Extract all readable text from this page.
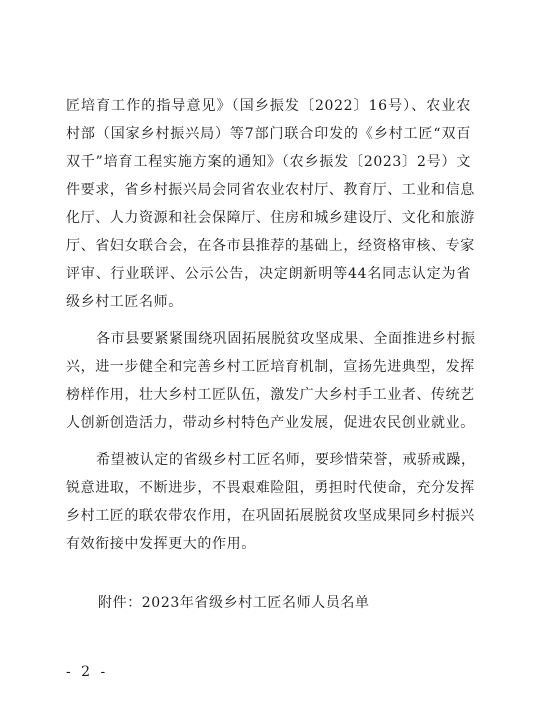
匠培育工作的指导意见》（国乡振发〔2022〕16号）、农业农
村部（国家乡村振兴局）等7部门联合印发的《乡村工匠“双百
双千”培育工程实施方案的通知》（农乡振发〔2023〕2号）文
件要求，省乡村振兴局会同省农业农村厅、教育厅、工业和信息
化厅、人力资源和社会保障厅、住房和城乡建设厅、文化和旅游
厅、省妇女联合会，在各市县推荐的基础上，经资格审核、专家
评审、行业联评、公示公告，决定朗新明等44名同志认定为省
级乡村工匠名师。

各市县要紧紧围绕巩固拓展脱贫攻坚成果、全面推进乡村振
兴，进一步健全和完善乡村工匠培育机制，宣扬先进典型，发挥
榜样作用，壮大乡村工匠队伍，激发广大乡村手工业者、传统艺
人创新创造活力，带动乡村特色产业发展，促进农民创业就业。

希望被认定的省级乡村工匠名师，要珍惜荣誉，戒骄戒躁，
锐意进取，不断进步，不畏艰难险阻，勇担时代使命，充分发挥
乡村工匠的联农带农作用，在巩固拓展脱贫攻坚成果同乡村振兴
有效衔接中发挥更大的作用。

附件：2023年省级乡村工匠名师人员名单
- 2 -
